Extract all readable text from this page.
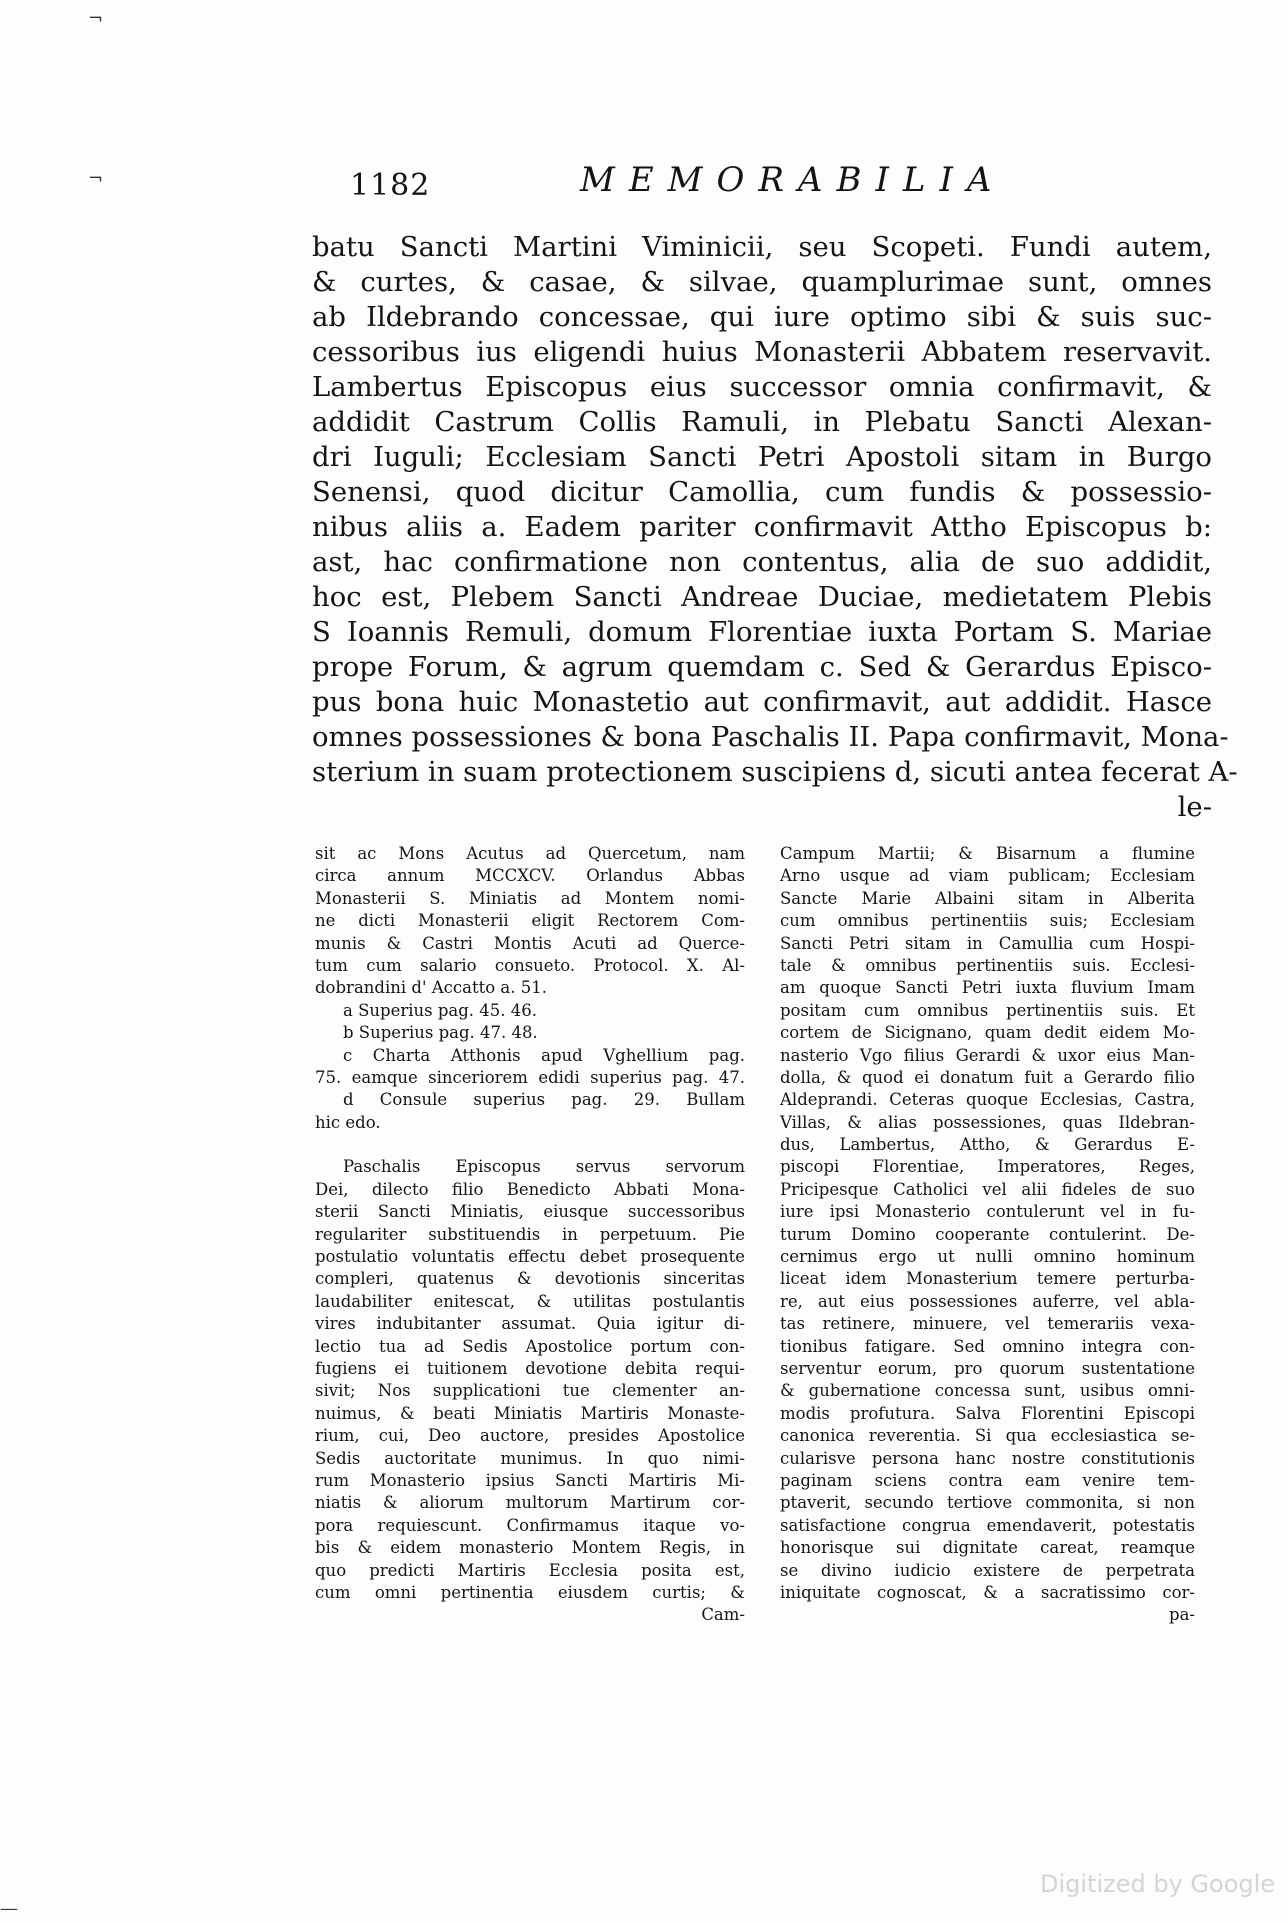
¬
¬
—
1182	MEMORABILIA
batu Sancti Martini Viminicii, seu Scopeti. Fundi autem,
& curtes, & casae, & silvae, quamplurimae sunt, omnes
ab Ildebrando concessae, qui iure optimo sibi & suis suc-
cessoribus ius eligendi huius Monasterii Abbatem reservavit.
Lambertus Episcopus eius successor omnia confirmavit, &
addidit Castrum Collis Ramuli, in Plebatu Sancti Alexan-
dri Iuguli; Ecclesiam Sancti Petri Apostoli sitam in Burgo
Senensi, quod dicitur Camollia, cum fundis & possessio-
nibus aliis a. Eadem pariter confirmavit Attho Episcopus b:
ast, hac confirmatione non contentus, alia de suo addidit,
hoc est, Plebem Sancti Andreae Duciae, medietatem Plebis
S Ioannis Remuli, domum Florentiae iuxta Portam S. Mariae
prope Forum, & agrum quemdam c. Sed & Gerardus Episco-
pus bona huic Monastetio aut confirmavit, aut addidit. Hasce
omnes possessiones & bona Paschalis II. Papa confirmavit, Mona-
sterium in suam protectionem suscipiens d, sicuti antea fecerat A-
le-
sit ac Mons Acutus ad Quercetum, nam
circa annum MCCXCV. Orlandus Abbas
Monasterii S. Miniatis ad Montem nomi-
ne dicti Monasterii eligit Rectorem Com-
munis & Castri Montis Acuti ad Querce-
tum cum salario consueto. Protocol. X. Al-
dobrandini d' Accatto a. 51.
a Superius pag. 45. 46.
b Superius pag. 47. 48.
c Charta Atthonis apud Vghellium pag.
75. eamque sinceriorem edidi superius pag. 47.
d Consule superius pag. 29. Bullam
hic edo.
Paschalis Episcopus servus servorum
Dei, dilecto filio Benedicto Abbati Mona-
sterii Sancti Miniatis, eiusque successoribus
regulariter substituendis in perpetuum. Pie
postulatio voluntatis effectu debet prosequente
compleri, quatenus & devotionis sinceritas
laudabiliter enitescat, & utilitas postulantis
vires indubitanter assumat. Quia igitur di-
lectio tua ad Sedis Apostolice portum con-
fugiens ei tuitionem devotione debita requi-
sivit; Nos supplicationi tue clementer an-
nuimus, & beati Miniatis Martiris Monaste-
rium, cui, Deo auctore, presides Apostolice
Sedis auctoritate munimus. In quo nimi-
rum Monasterio ipsius Sancti Martiris Mi-
niatis & aliorum multorum Martirum cor-
pora requiescunt. Confirmamus itaque vo-
bis & eidem monasterio Montem Regis, in
quo predicti Martiris Ecclesia posita est,
cum omni pertinentia eiusdem curtis; &
Cam-
Campum Martii; & Bisarnum a flumine
Arno usque ad viam publicam; Ecclesiam
Sancte Marie Albaini sitam in Alberita
cum omnibus pertinentiis suis; Ecclesiam
Sancti Petri sitam in Camullia cum Hospi-
tale & omnibus pertinentiis suis. Ecclesi-
am quoque Sancti Petri iuxta fluvium Imam
positam cum omnibus pertinentiis suis. Et
cortem de Sicignano, quam dedit eidem Mo-
nasterio Vgo filius Gerardi & uxor eius Man-
dolla, & quod ei donatum fuit a Gerardo filio
Aldeprandi. Ceteras quoque Ecclesias, Castra,
Villas, & alias possessiones, quas Ildebran-
dus, Lambertus, Attho, & Gerardus E-
piscopi Florentiae, Imperatores, Reges,
Pricipesque Catholici vel alii fideles de suo
iure ipsi Monasterio contulerunt vel in fu-
turum Domino cooperante contulerint. De-
cernimus ergo ut nulli omnino hominum
liceat idem Monasterium temere perturba-
re, aut eius possessiones auferre, vel abla-
tas retinere, minuere, vel temerariis vexa-
tionibus fatigare. Sed omnino integra con-
serventur eorum, pro quorum sustentatione
& gubernatione concessa sunt, usibus omni-
modis profutura. Salva Florentini Episcopi
canonica reverentia. Si qua ecclesiastica se-
cularisve persona hanc nostre constitutionis
paginam sciens contra eam venire tem-
ptaverit, secundo tertiove commonita, si non
satisfactione congrua emendaverit, potestatis
honorisque sui dignitate careat, reamque
se divino iudicio existere de perpetrata
iniquitate cognoscat, & a sacratissimo cor-
pa-
Digitized by Google
